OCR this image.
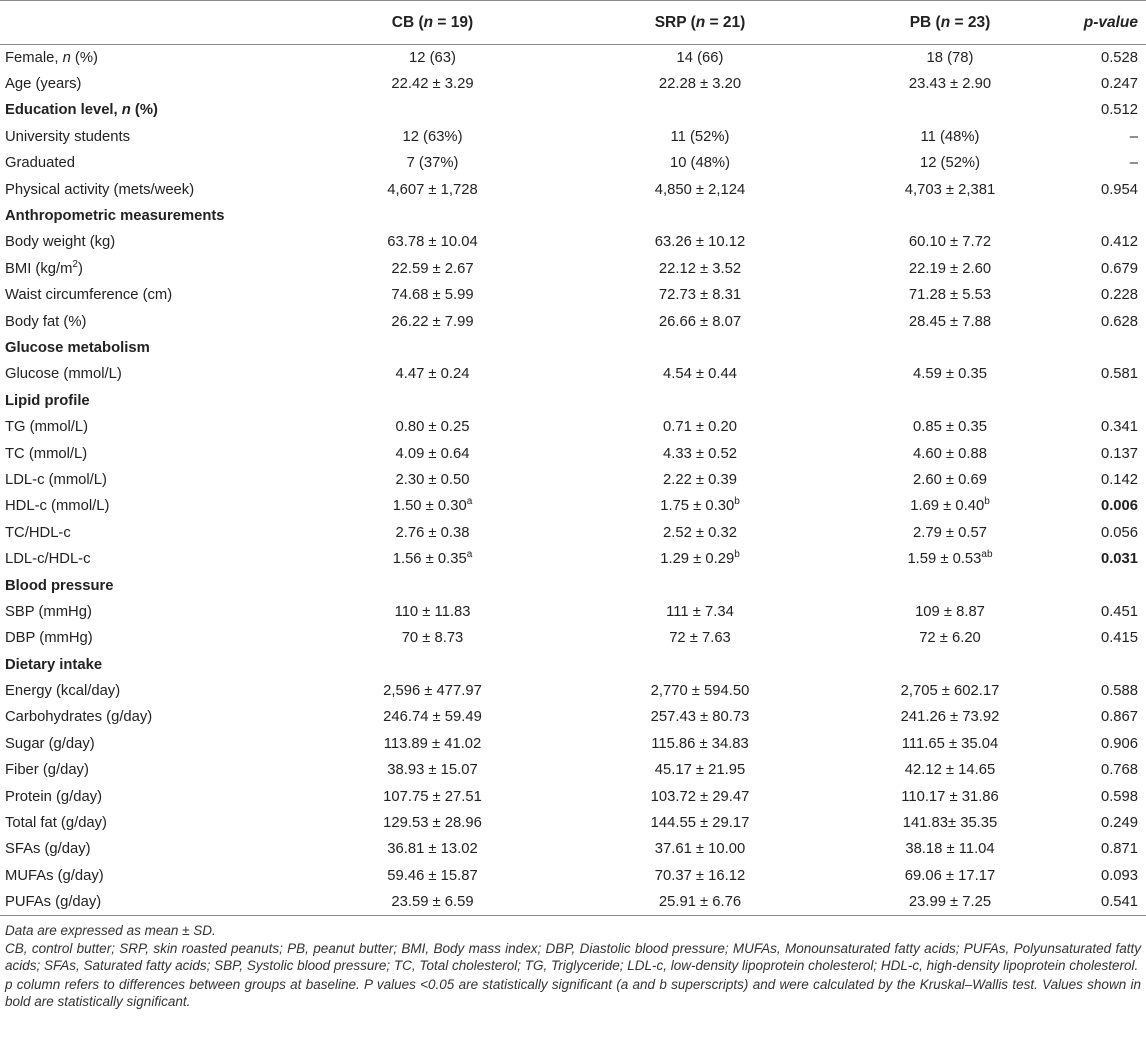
	CB (n = 19)	SRP (n = 21)	PB (n = 23)	p-value
Female, n (%)	12 (63)	14 (66)	18 (78)	0.528
Age (years)	22.42 ± 3.29	22.28 ± 3.20	23.43 ± 2.90	0.247
Education level, n (%)				0.512
University students	12 (63%)	11 (52%)	11 (48%)	–
Graduated	7 (37%)	10 (48%)	12 (52%)	–
Physical activity (mets/week)	4,607 ± 1,728	4,850 ± 2,124	4,703 ± 2,381	0.954
Anthropometric measurements				
Body weight (kg)	63.78 ± 10.04	63.26 ± 10.12	60.10 ± 7.72	0.412
BMI $(kg/m^2)$	22.59 ± 2.67	22.12 ± 3.52	22.19 ± 2.60	0.679
Waist circumference (cm)	74.68 ± 5.99	72.73 ± 8.31	71.28 ± 5.53	0.228
Body fat (%)	26.22 ± 7.99	26.66 ± 8.07	28.45 ± 7.88	0.628
Glucose metabolism				
Glucose (mmol/L)	4.47 ± 0.24	4.54 ± 0.44	4.59 ± 0.35	0.581
Lipid profile				
TG (mmol/L)	0.80 ± 0.25	0.71 ± 0.20	0.85 ± 0.35	0.341
TC (mmol/L)	4.09 ± 0.64	4.33 ± 0.52	4.60 ± 0.88	0.137
LDL-c (mmol/L)	2.30 ± 0.50	2.22 ± 0.39	2.60 ± 0.69	0.142
HDL-c (mmol/L)	1.50 ± 0.30$^a$	1.75 ± 0.30$^b$	1.69 ± 0.40$^b$	0.006
TC/HDL-c	2.76 ± 0.38	2.52 ± 0.32	2.79 ± 0.57	0.056
LDL-c/HDL-c	1.56 ± 0.35$^a$	1.29 ± 0.29$^b$	1.59 ± 0.53$^{ab}$	0.031
Blood pressure				
SBP (mmHg)	110 ± 11.83	111 ± 7.34	109 ± 8.87	0.451
DBP (mmHg)	70 ± 8.73	72 ± 7.63	72 ± 6.20	0.415
Dietary intake				
Energy (kcal/day)	2,596 ± 477.97	2,770 ± 594.50	2,705 ± 602.17	0.588
Carbohydrates (g/day)	246.74 ± 59.49	257.43 ± 80.73	241.26 ± 73.92	0.867
Sugar (g/day)	113.89 ± 41.02	115.86 ± 34.83	111.65 ± 35.04	0.906
Fiber (g/day)	38.93 ± 15.07	45.17 ± 21.95	42.12 ± 14.65	0.768
Protein (g/day)	107.75 ± 27.51	103.72 ± 29.47	110.17 ± 31.86	0.598
Total fat (g/day)	129.53 ± 28.96	144.55 ± 29.17	141.83± 35.35	0.249
SFAs (g/day)	36.81 ± 13.02	37.61 ± 10.00	38.18 ± 11.04	0.871
MUFAs (g/day)	59.46 ± 15.87	70.37 ± 16.12	69.06 ± 17.17	0.093
PUFAs (g/day)	23.59 ± 6.59	25.91 ± 6.76	23.99 ± 7.25	0.541

Data are expressed as mean ± SD.

CB, control butter; SRP, skin roasted peanuts; PB, peanut butter; BMI, Body mass index; DBP, Diastolic blood pressure; MUFAs, Monounsaturated fatty acids; PUFAs, Polyunsaturated fatty acids; SFAs, Saturated fatty acids; SBP, Systolic blood pressure; TC, Total cholesterol; TG, Triglyceride; LDL-c, low-density lipoprotein cholesterol; HDL-c, high-density lipoprotein cholesterol.

p column refers to differences between groups at baseline. P values <0.05 are statistically significant (a and b superscripts) and were calculated by the Kruskal–Wallis test. Values shown in bold are statistically significant.
